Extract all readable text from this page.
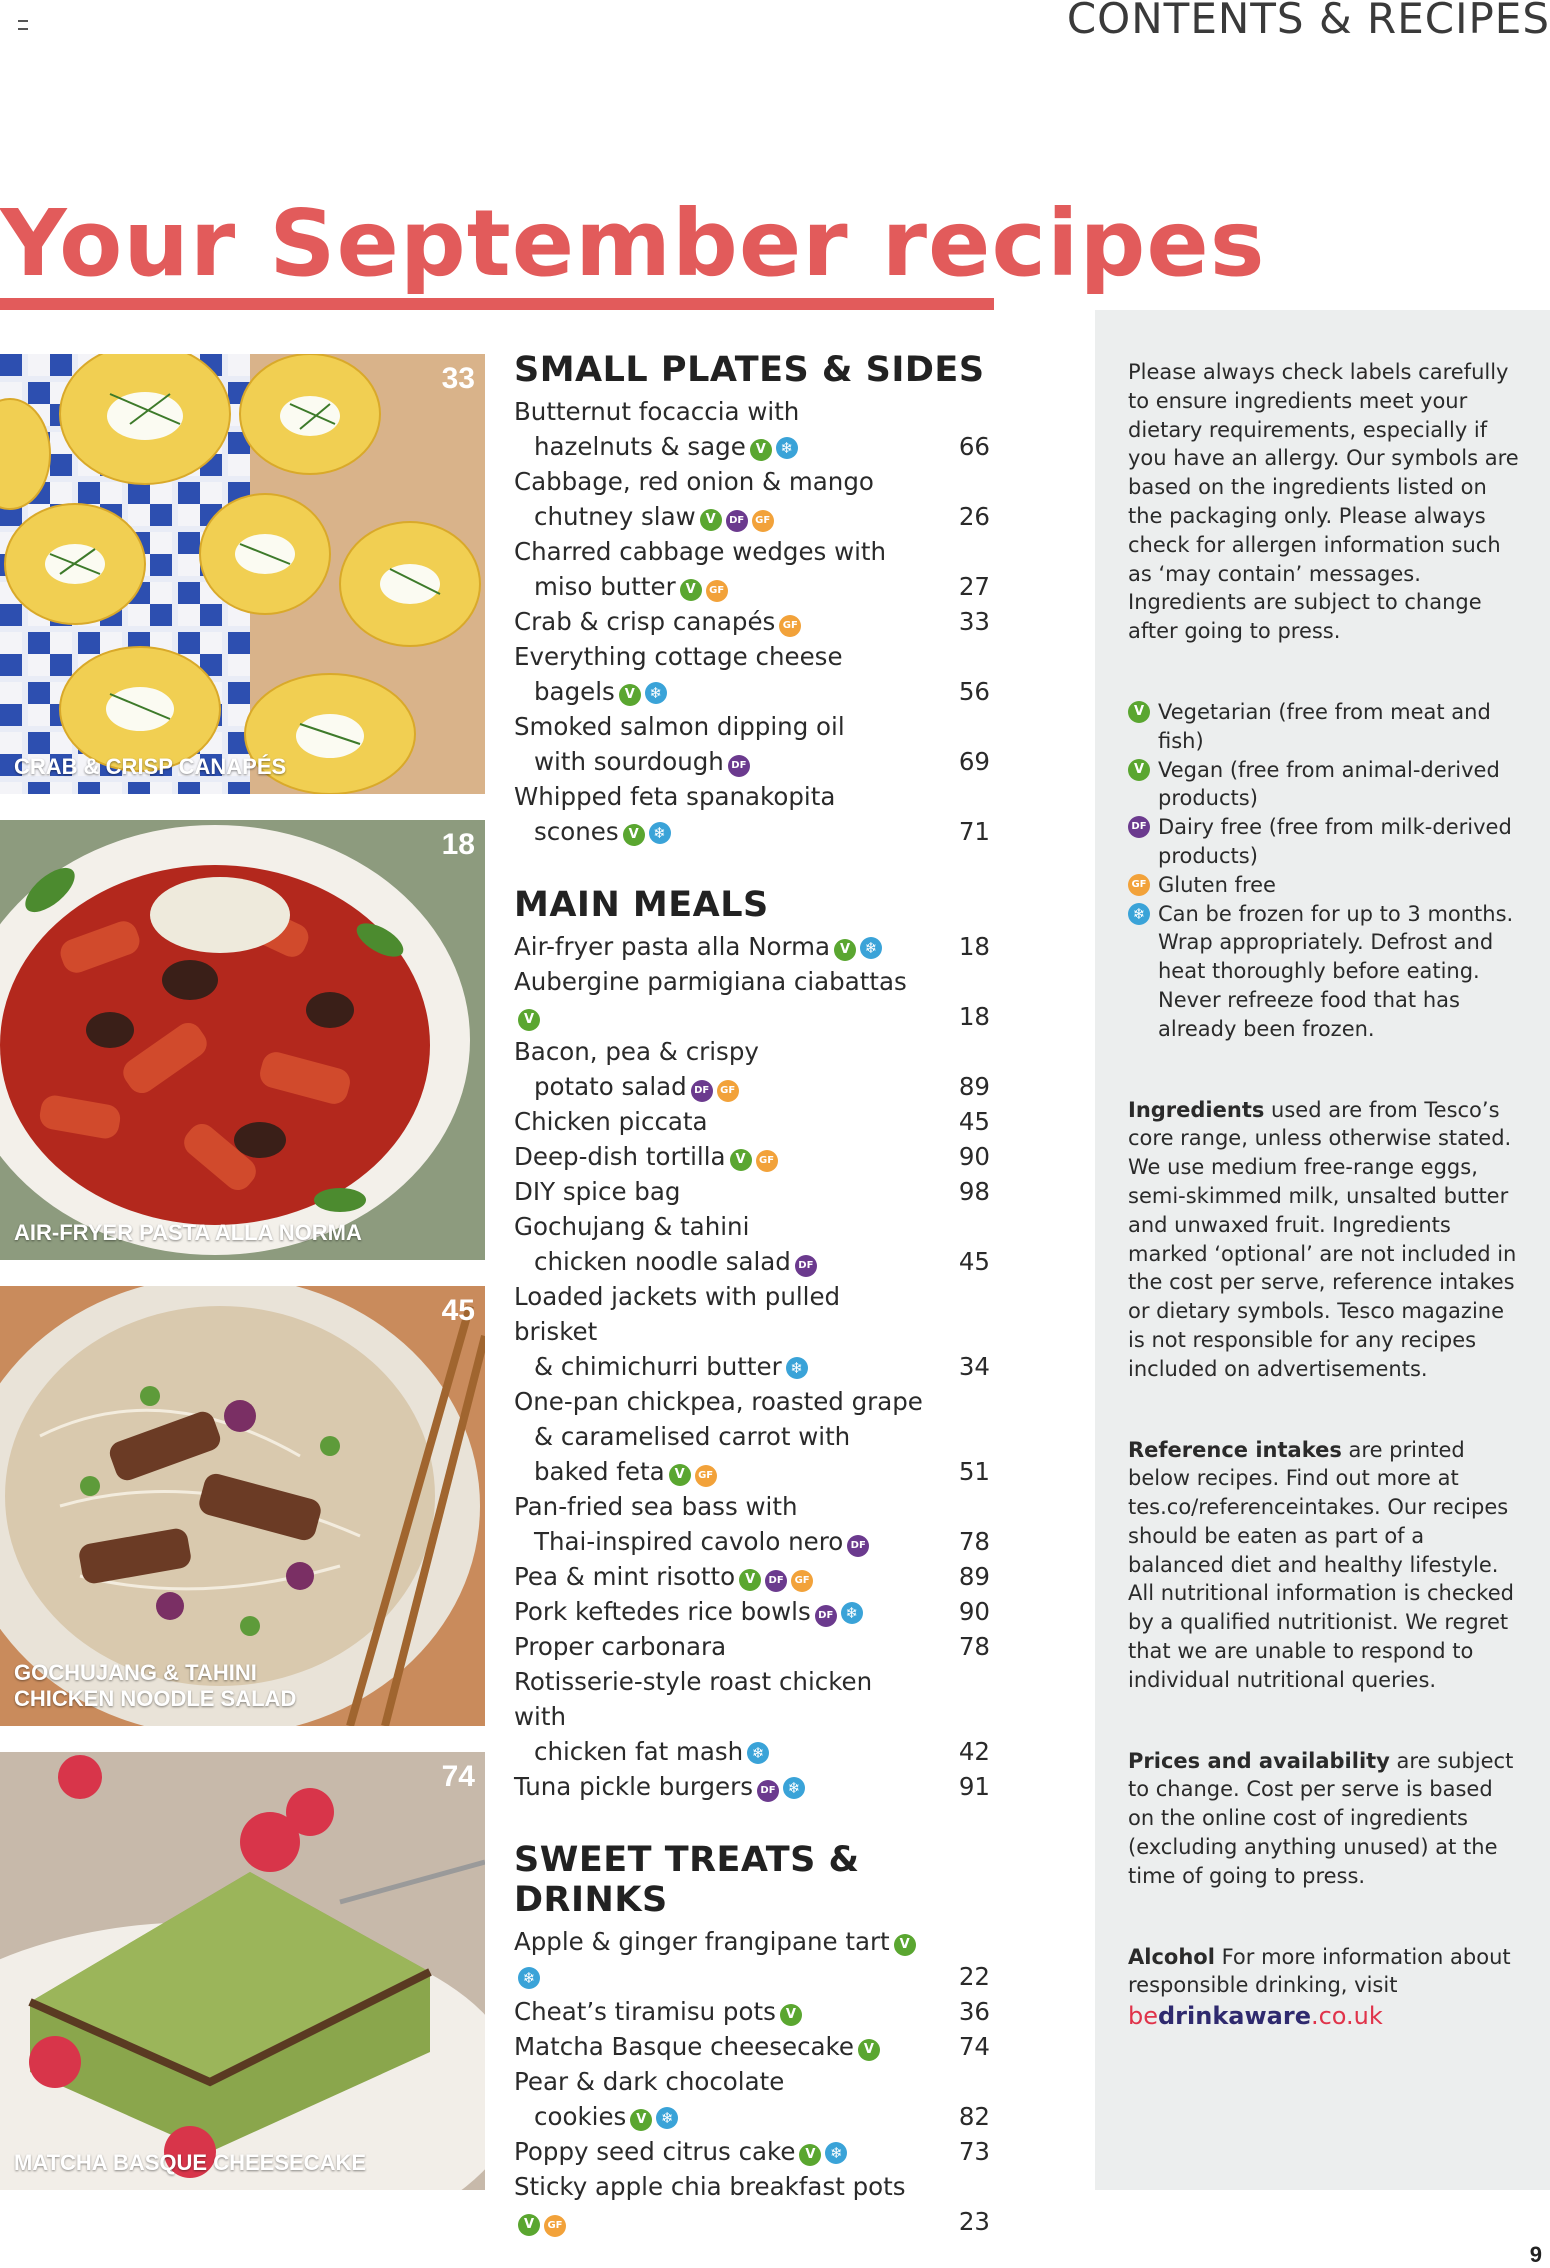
CONTENTS & RECIPES
Your September recipes
33
CRAB & CRISP CANAPÉS
18
AIR-FRYER PASTA ALLA NORMA
45
GOCHUJANG & TAHINI CHICKEN NOODLE SALAD
74
MATCHA BASQUE CHEESECAKE
SMALL PLATES & SIDES
Butternut focaccia with
hazelnuts & sage V ❄	66
Cabbage, red onion & mango
chutney slaw V DF GF	26
Charred cabbage wedges with
miso butter V GF	27
Crab & crisp canapés GF	33
Everything cottage cheese
bagels V ❄	56
Smoked salmon dipping oil
with sourdough DF	69
Whipped feta spanakopita
scones V ❄	71
MAIN MEALS
Air-fryer pasta alla Norma V ❄	18
Aubergine parmigiana ciabattasV	18
Bacon, pea & crispy
potato salad DF GF	89
Chicken piccata	45
Deep-dish tortilla V GF	90
DIY spice bag	98
Gochujang & tahini
chicken noodle salad DF	45
Loaded jackets with pulled brisket
& chimichurri butter ❄	34
One-pan chickpea, roasted grape
& caramelised carrot with
baked feta V GF	51
Pan-fried sea bass with
Thai-inspired cavolo nero DF	78
Pea & mint risotto V DF GF	89
Pork keftedes rice bowls DF ❄	90
Proper carbonara	78
Rotisserie-style roast chicken with
chicken fat mash ❄	42
Tuna pickle burgers DF ❄	91
SWEET TREATS & DRINKS
Apple & ginger frangipane tart V❄	22
Cheat’s tiramisu pots V	36
Matcha Basque cheesecake V	74
Pear & dark chocolate
cookies V ❄	82
Poppy seed citrus cake V ❄	73
Sticky apple chia breakfast potsV GF	23

Please always check labels carefully to ensure ingredients meet your dietary requirements, especially if you have an allergy. Our symbols are based on the ingredients listed on the packaging only. Please always check for allergen information such as ‘may contain’ messages. Ingredients are subject to change after going to press.

V Vegetarian (free from meat and fish)
V Vegan (free from animal-derived products)
DF Dairy free (free from milk-derived products)
GF Gluten free
❄ Can be frozen for up to 3 months. Wrap appropriately. Defrost and heat thoroughly before eating. Never refreeze food that has already been frozen.

Ingredients used are from Tesco’s core range, unless otherwise stated. We use medium free-range eggs, semi-skimmed milk, unsalted butter and unwaxed fruit. Ingredients marked ‘optional’ are not included in the cost per serve, reference intakes or dietary symbols. Tesco magazine is not responsible for any recipes included on advertisements.

Reference intakes are printed below recipes. Find out more at tes.co/referenceintakes. Our recipes should be eaten as part of a balanced diet and healthy lifestyle. All nutritional information is checked by a qualified nutritionist. We regret that we are unable to respond to individual nutritional queries.

Prices and availability are subject to change. Cost per serve is based on the online cost of ingredients (excluding anything unused) at the time of going to press.

Alcohol For more information about responsible drinking, visit
bedrinkaware.co.uk
9
